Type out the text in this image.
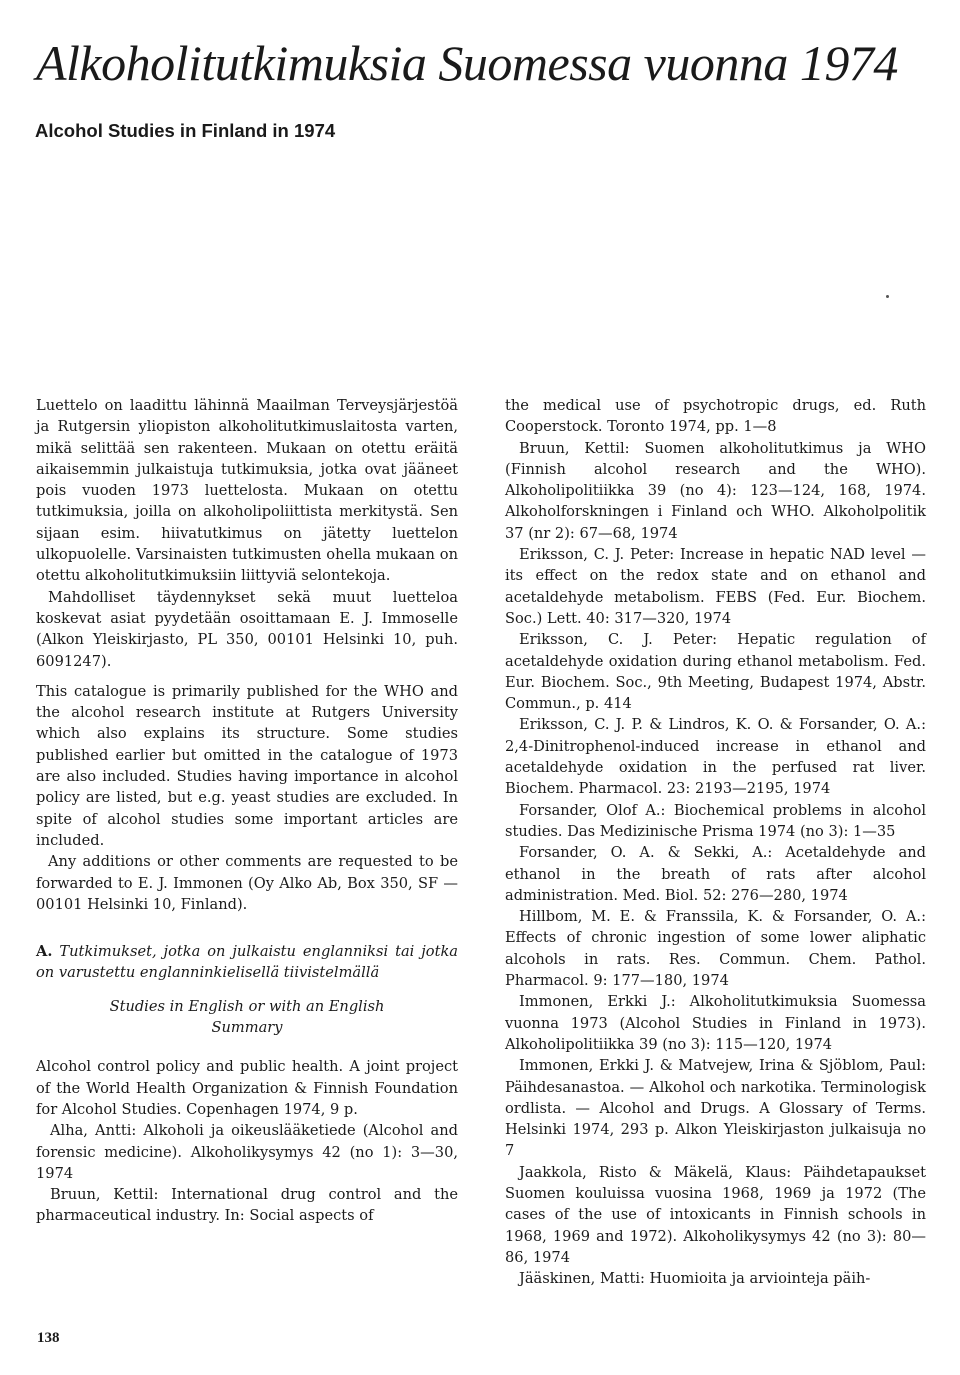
Alkoholitutkimuksia Suomessa vuonna 1974
Alcohol Studies in Finland in 1974

Luettelo on laadittu lähinnä Maailman Terveysjärjestöä ja Rutgersin yliopiston alkoholitutkimuslaitosta varten, mikä selittää sen rakenteen. Mukaan on otettu eräitä aikaisemmin julkaistuja tutkimuksia, jotka ovat jääneet pois vuoden 1973 luettelosta. Mukaan on otettu tutkimuksia, joilla on alkoholipoliittista merkitystä. Sen sijaan esim. hiivatutkimus on jätetty luettelon ulkopuolelle. Varsinaisten tutkimusten ohella mukaan on otettu alkoholitutkimuksiin liittyviä selontekoja.

Mahdolliset täydennykset sekä muut luetteloa koskevat asiat pyydetään osoittamaan E. J. Immoselle (Alkon Yleiskirjasto, PL 350, 00101 Helsinki 10, puh. 6091247).

This catalogue is primarily published for the WHO and the alcohol research institute at Rutgers University which also explains its structure. Some studies published earlier but omitted in the catalogue of 1973 are also included. Studies having importance in alcohol policy are listed, but e.g. yeast studies are excluded. In spite of alcohol studies some important articles are included.

Any additions or other comments are requested to be forwarded to E. J. Immonen (Oy Alko Ab, Box 350, SF — 00101 Helsinki 10, Finland).

A. Tutkimukset, jotka on julkaistu englanniksi tai jotka on varustettu englanninkielisellä tiivistelmällä

Studies in English or with an English
Summary

Alcohol control policy and public health. A joint project of the World Health Organization & Finnish Foundation for Alcohol Studies. Copenhagen 1974, 9 p.

Alha, Antti: Alkoholi ja oikeuslääketiede (Alcohol and forensic medicine). Alkoholikysymys 42 (no 1): 3—30, 1974

Bruun, Kettil: International drug control and the pharmaceutical industry. In: Social aspects of

the medical use of psychotropic drugs, ed. Ruth Cooperstock. Toronto 1974, pp. 1—8

Bruun, Kettil: Suomen alkoholitutkimus ja WHO (Finnish alcohol research and the WHO). Alkoholipolitiikka 39 (no 4): 123—124, 168, 1974. Alkoholforskningen i Finland och WHO. Alkoholpolitik 37 (nr 2): 67—68, 1974

Eriksson, C. J. Peter: Increase in hepatic NAD level — its effect on the redox state and on ethanol and acetaldehyde metabolism. FEBS (Fed. Eur. Biochem. Soc.) Lett. 40: 317—320, 1974

Eriksson, C. J. Peter: Hepatic regulation of acetaldehyde oxidation during ethanol metabolism. Fed. Eur. Biochem. Soc., 9th Meeting, Budapest 1974, Abstr. Commun., p. 414

Eriksson, C. J. P. & Lindros, K. O. & Forsander, O. A.: 2,4-Dinitrophenol-induced increase in ethanol and acetaldehyde oxidation in the perfused rat liver. Biochem. Pharmacol. 23: 2193—2195, 1974

Forsander, Olof A.: Biochemical problems in alcohol studies. Das Medizinische Prisma 1974 (no 3): 1—35

Forsander, O. A. & Sekki, A.: Acetaldehyde and ethanol in the breath of rats after alcohol administration. Med. Biol. 52: 276—280, 1974

Hillbom, M. E. & Franssila, K. & Forsander, O. A.: Effects of chronic ingestion of some lower aliphatic alcohols in rats. Res. Commun. Chem. Pathol. Pharmacol. 9: 177—180, 1974

Immonen, Erkki J.: Alkoholitutkimuksia Suomessa vuonna 1973 (Alcohol Studies in Finland in 1973). Alkoholipolitiikka 39 (no 3): 115—120, 1974

Immonen, Erkki J. & Matvejew, Irina & Sjöblom, Paul: Päihdesanastoa. — Alkohol och narkotika. Terminologisk ordlista. — Alcohol and Drugs. A Glossary of Terms. Helsinki 1974, 293 p. Alkon Yleiskirjaston julkaisuja no 7

Jaakkola, Risto & Mäkelä, Klaus: Päihdetapaukset Suomen kouluissa vuosina 1968, 1969 ja 1972 (The cases of the use of intoxicants in Finnish schools in 1968, 1969 and 1972). Alkoholikysymys 42 (no 3): 80—86, 1974

Jääskinen, Matti: Huomioita ja arviointeja päih-

138
